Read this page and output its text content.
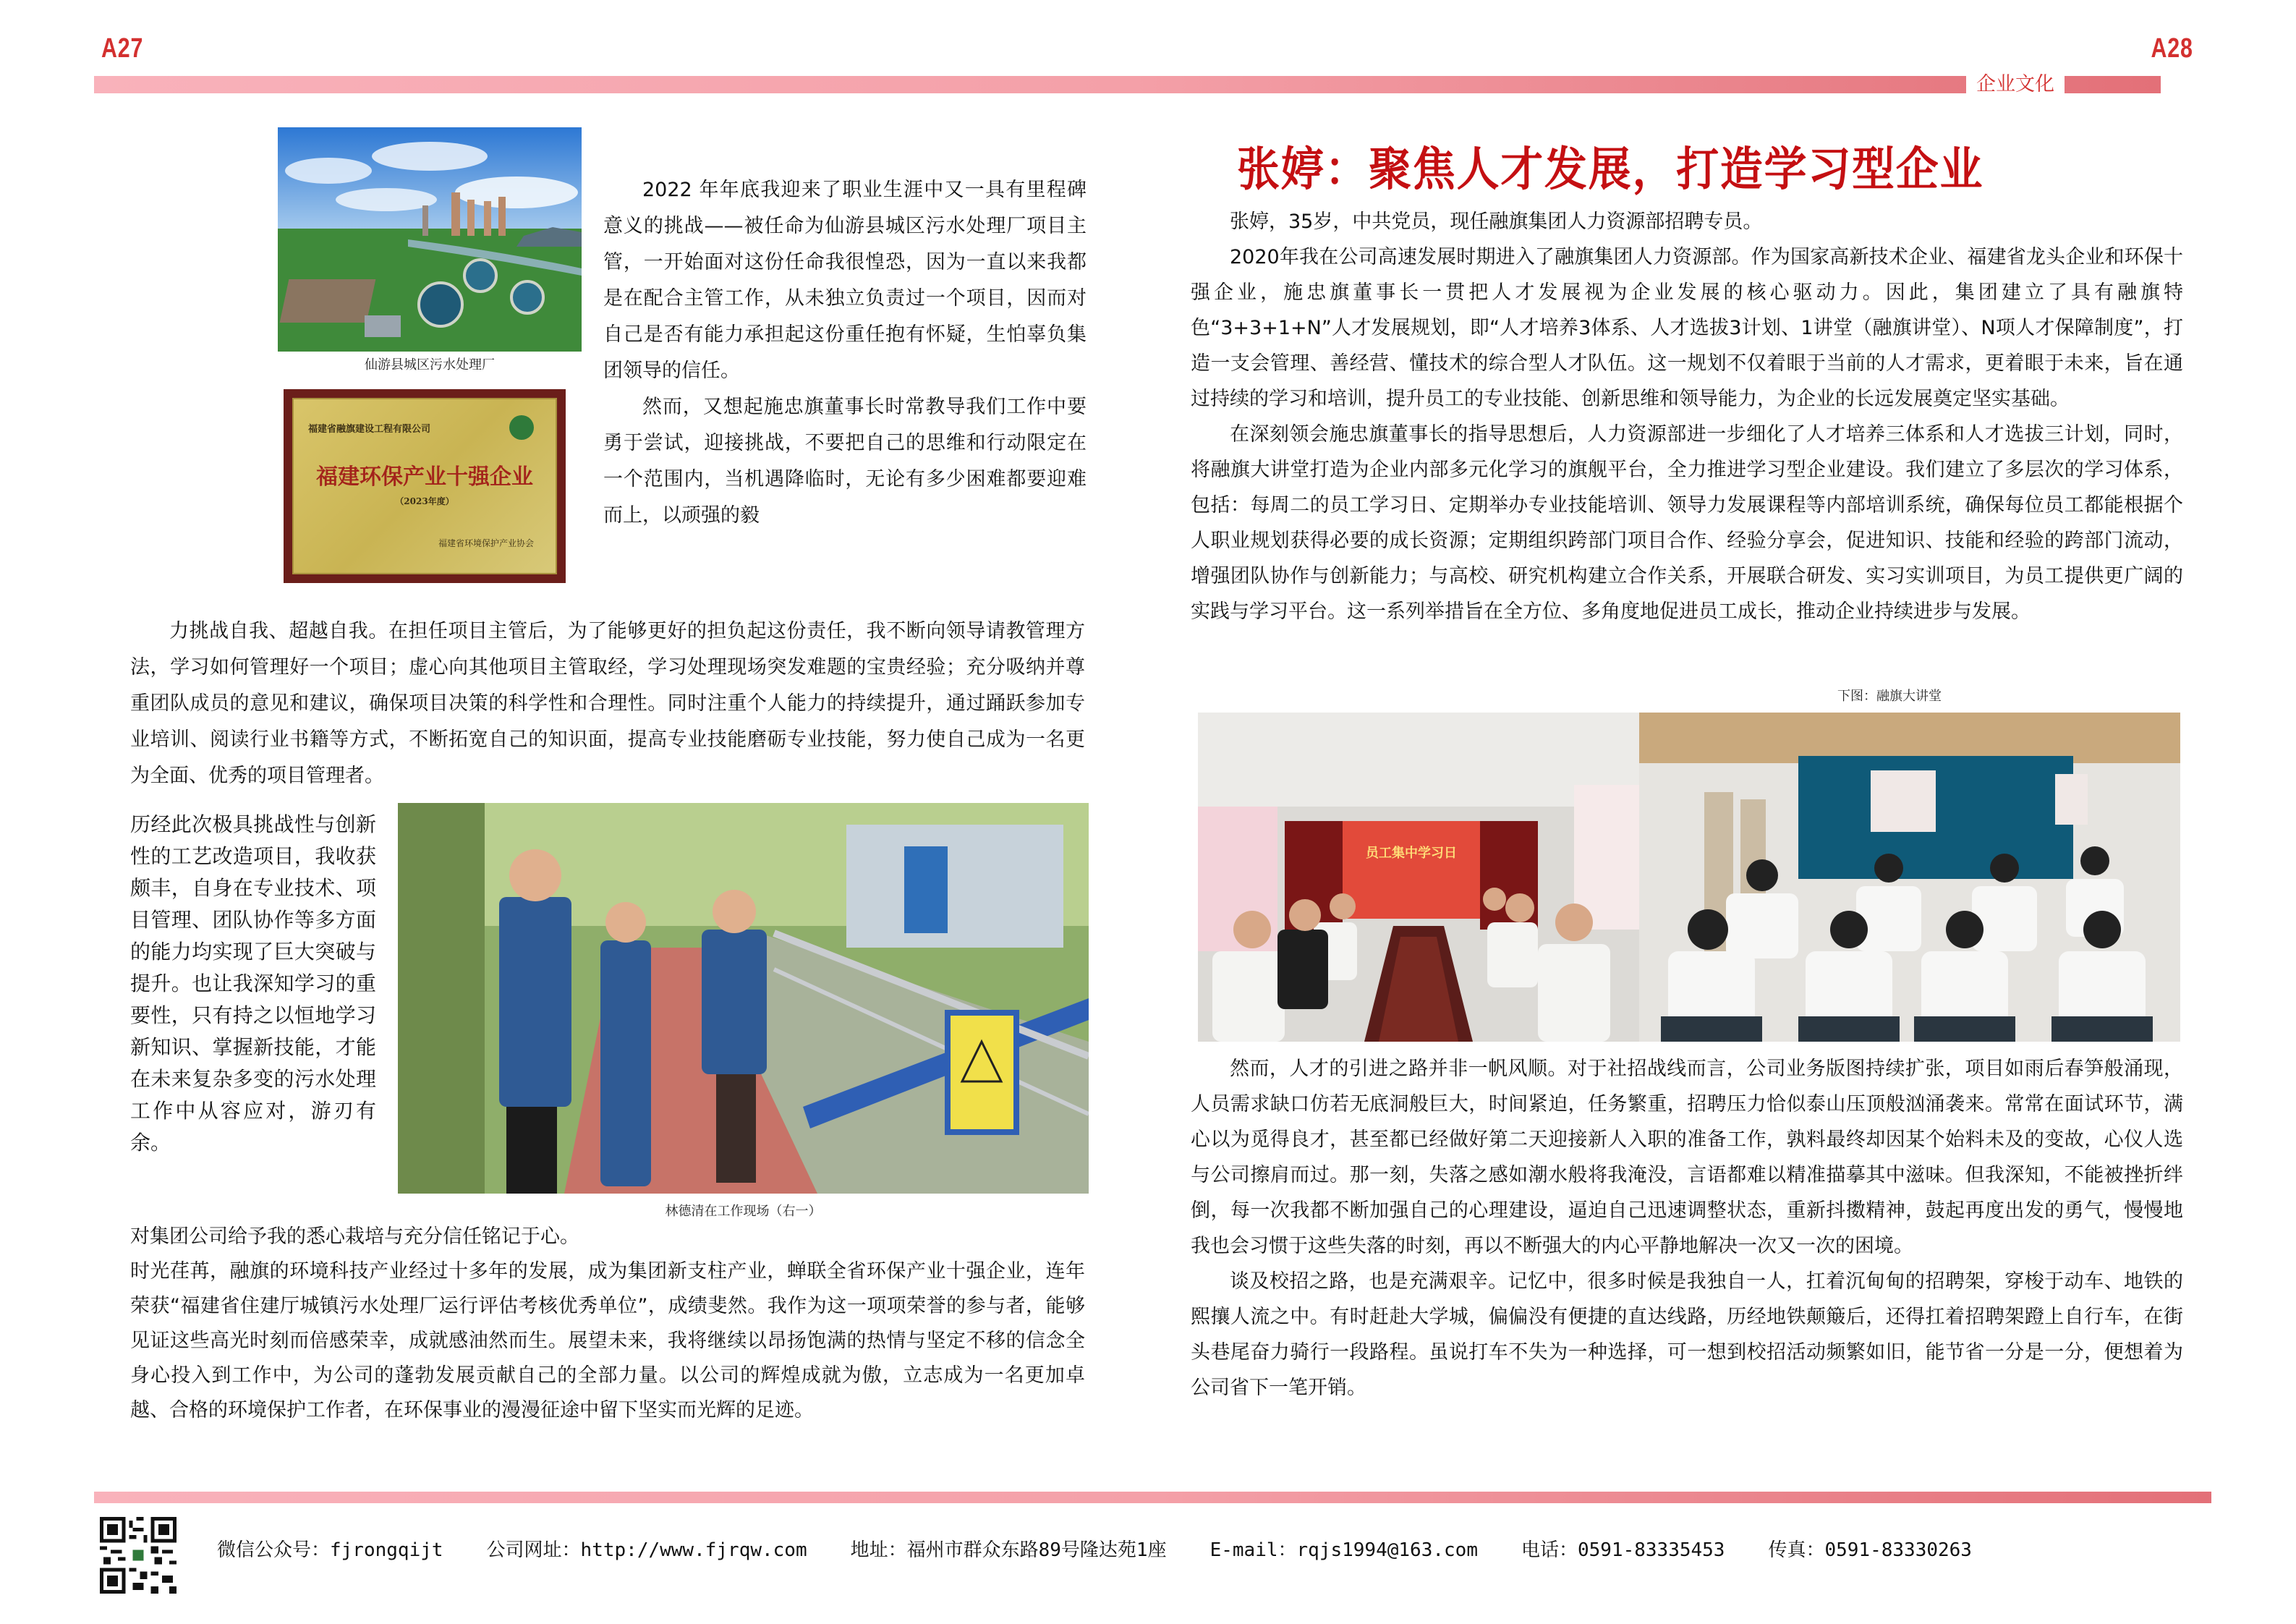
A27	A28
企业文化
仙游县城区污水处理厂
福建省融旗建设工程有限公司
福建环保产业十强企业
（2023年度）
福建省环境保护产业协会

2022 年年底我迎来了职业生涯中又一具有里程碑意义的挑战——被任命为仙游县城区污水处理厂项目主管，一开始面对这份任命我很惶恐，因为一直以来我都是在配合主管工作，从未独立负责过一个项目，因而对自己是否有能力承担起这份重任抱有怀疑，生怕辜负集团领导的信任。

然而，又想起施忠旗董事长时常教导我们工作中要勇于尝试，迎接挑战，不要把自己的思维和行动限定在一个范围内，当机遇降临时，无论有多少困难都要迎难而上，以顽强的毅

力挑战自我、超越自我。在担任项目主管后，为了能够更好的担负起这份责任，我不断向领导请教管理方法，学习如何管理好一个项目；虚心向其他项目主管取经，学习处理现场突发难题的宝贵经验；充分吸纳并尊重团队成员的意见和建议，确保项目决策的科学性和合理性。同时注重个人能力的持续提升，通过踊跃参加专业培训、阅读行业书籍等方式，不断拓宽自己的知识面，提高专业技能磨砺专业技能，努力使自己成为一名更为全面、优秀的项目管理者。

历经此次极具挑战性与创新性的工艺改造项目，我收获颇丰，自身在专业技术、项目管理、团队协作等多方面的能力均实现了巨大突破与提升。也让我深知学习的重要性，只有持之以恒地学习新知识、掌握新技能，才能在未来复杂多变的污水处理工作中从容应对，游刃有余。

林德清在工作现场（右一）

对集团公司给予我的悉心栽培与充分信任铭记于心。

时光荏苒，融旗的环境科技产业经过十多年的发展，成为集团新支柱产业，蝉联全省环保产业十强企业，连年荣获“福建省住建厅城镇污水处理厂运行评估考核优秀单位”，成绩斐然。我作为这一项项荣誉的参与者，能够见证这些高光时刻而倍感荣幸，成就感油然而生。展望未来，我将继续以昂扬饱满的热情与坚定不移的信念全身心投入到工作中，为公司的蓬勃发展贡献自己的全部力量。以公司的辉煌成就为傲，立志成为一名更加卓越、合格的环境保护工作者，在环保事业的漫漫征途中留下坚实而光辉的足迹。

张婷：聚焦人才发展，打造学习型企业

张婷，35岁，中共党员，现任融旗集团人力资源部招聘专员。

2020年我在公司高速发展时期进入了融旗集团人力资源部。作为国家高新技术企业、福建省龙头企业和环保十强企业，施忠旗董事长一贯把人才发展视为企业发展的核心驱动力。因此，集团建立了具有融旗特色“3+3+1+N”人才发展规划，即“人才培养3体系、人才选拔3计划、1讲堂（融旗讲堂）、N项人才保障制度”，打造一支会管理、善经营、懂技术的综合型人才队伍。这一规划不仅着眼于当前的人才需求，更着眼于未来，旨在通过持续的学习和培训，提升员工的专业技能、创新思维和领导能力，为企业的长远发展奠定坚实基础。

在深刻领会施忠旗董事长的指导思想后，人力资源部进一步细化了人才培养三体系和人才选拔三计划，同时，将融旗大讲堂打造为企业内部多元化学习的旗舰平台，全力推进学习型企业建设。我们建立了多层次的学习体系，包括：每周二的员工学习日、定期举办专业技能培训、领导力发展课程等内部培训系统，确保每位员工都能根据个人职业规划获得必要的成长资源；定期组织跨部门项目合作、经验分享会，促进知识、技能和经验的跨部门流动，增强团队协作与创新能力；与高校、研究机构建立合作关系，开展联合研发、实习实训项目，为员工提供更广阔的实践与学习平台。这一系列举措旨在全方位、多角度地促进员工成长，推动企业持续进步与发展。

下图：融旗大讲堂
员工集中学习日

然而，人才的引进之路并非一帆风顺。对于社招战线而言，公司业务版图持续扩张，项目如雨后春笋般涌现，人员需求缺口仿若无底洞般巨大，时间紧迫，任务繁重，招聘压力恰似泰山压顶般汹涌袭来。常常在面试环节，满心以为觅得良才，甚至都已经做好第二天迎接新人入职的准备工作，孰料最终却因某个始料未及的变故，心仪人选与公司擦肩而过。那一刻，失落之感如潮水般将我淹没，言语都难以精准描摹其中滋味。但我深知，不能被挫折绊倒，每一次我都不断加强自己的心理建设，逼迫自己迅速调整状态，重新抖擞精神，鼓起再度出发的勇气，慢慢地我也会习惯于这些失落的时刻，再以不断强大的内心平静地解决一次又一次的困境。

谈及校招之路，也是充满艰辛。记忆中，很多时候是我独自一人，扛着沉甸甸的招聘架，穿梭于动车、地铁的熙攘人流之中。有时赶赴大学城，偏偏没有便捷的直达线路，历经地铁颠簸后，还得扛着招聘架蹬上自行车，在街头巷尾奋力骑行一段路程。虽说打车不失为一种选择，可一想到校招活动频繁如旧，能节省一分是一分，便想着为公司省下一笔开销。

微信公众号：fjrongqijt 公司网址：http://www.fjrqw.com 地址：福州市群众东路89号隆达苑1座 E-mail：rqjs1994@163.com 电话：0591-83335453 传真：0591-83330263
